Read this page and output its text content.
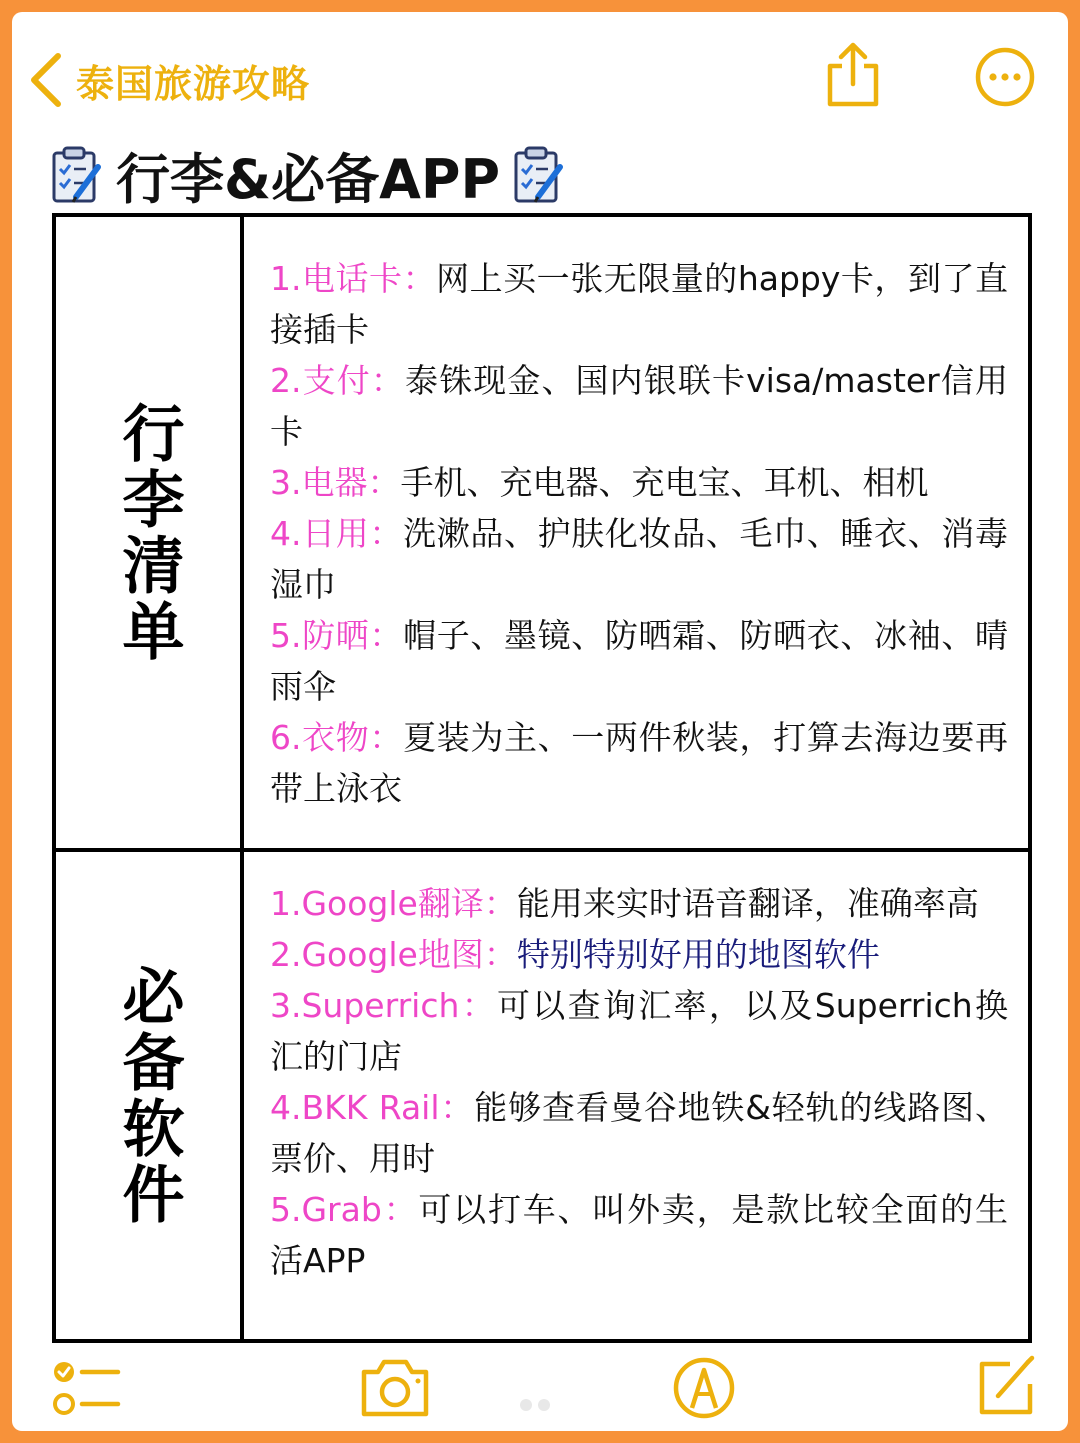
泰国旅游攻略
行李&必备APP
行李清单
1.电话卡：网上买一张无限量的happy卡，到了直接插卡
2.支付：泰铢现金、国内银联卡visa/master信用卡
3.电器：手机、充电器、充电宝、耳机、相机
4.日用：洗漱品、护肤化妆品、毛巾、睡衣、消毒湿巾
5.防晒：帽子、墨镜、防晒霜、防晒衣、冰袖、晴雨伞
6.衣物：夏装为主、一两件秋装，打算去海边要再带上泳衣
必备软件
1.Google翻译：能用来实时语音翻译，准确率高
2.Google地图：特别特别好用的地图软件
3.Superrich：可以查询汇率，以及Superrich换汇的门店
4.BKK Rail：能够查看曼谷地铁&轻轨的线路图、票价、用时
5.Grab：可以打车、叫外卖，是款比较全面的生活APP
